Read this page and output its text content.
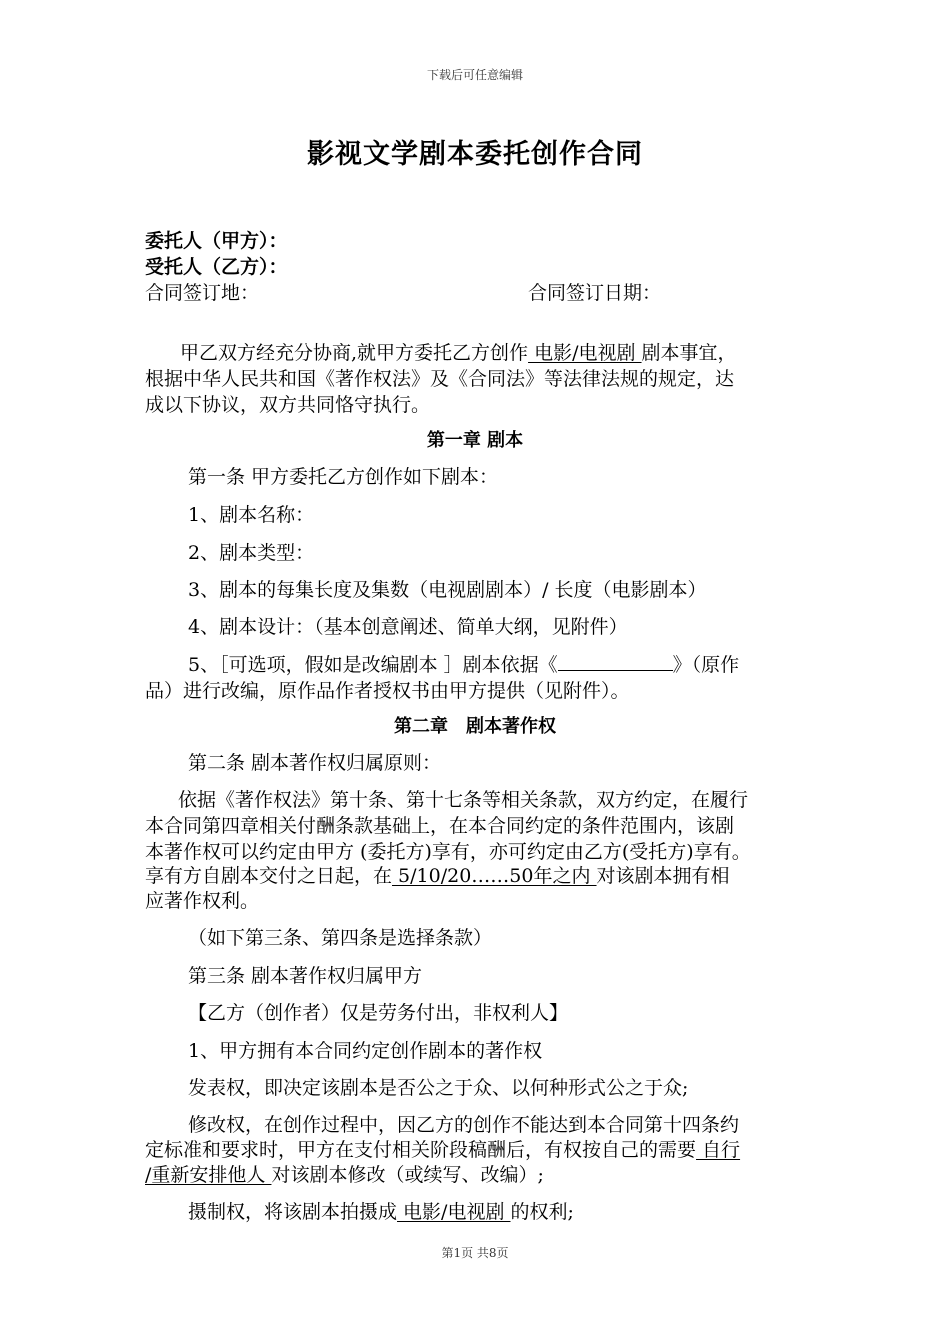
下载后可任意编辑
影视文学剧本委托创作合同
委托人（甲方）：
受托人（乙方）：
合同签订地：	合同签订日期：
甲乙双方经充分协商,就甲方委托乙方创作 电影/电视剧 剧本事宜，
根据中华人民共和国《著作权法》及《合同法》等法律法规的规定，达
成以下协议，双方共同恪守执行。
第一章 剧本
第一条 甲方委托乙方创作如下剧本：
1、剧本名称：
2、剧本类型：
3、剧本的每集长度及集数（电视剧剧本）/ 长度（电影剧本）
4、剧本设计：（基本创意阐述、简单大纲，见附件）
5、［可选项，假如是改编剧本 ］剧本依据《	》（原作
品）进行改编，原作品作者授权书由甲方提供（见附件）。
第二章　剧本著作权
第二条 剧本著作权归属原则：
依据《著作权法》第十条、第十七条等相关条款，双方约定，在履行
本合同第四章相关付酬条款基础上，在本合同约定的条件范围内，该剧
本著作权可以约定由甲方 (委托方)享有，亦可约定由乙方(受托方)享有。
享有方自剧本交付之日起，在 5/10/20……50年之内 对该剧本拥有相
应著作权利。
（如下第三条、第四条是选择条款）
第三条 剧本著作权归属甲方
【乙方（创作者）仅是劳务付出，非权利人】
1、甲方拥有本合同约定创作剧本的著作权
发表权，即决定该剧本是否公之于众、以何种形式公之于众;
修改权，在创作过程中，因乙方的创作不能达到本合同第十四条约
定标准和要求时，甲方在支付相关阶段稿酬后，有权按自己的需要 自行
/重新安排他人 对该剧本修改（或续写、改编）;
摄制权，将该剧本拍摄成 电影/电视剧 的权利;
第1页 共8页
